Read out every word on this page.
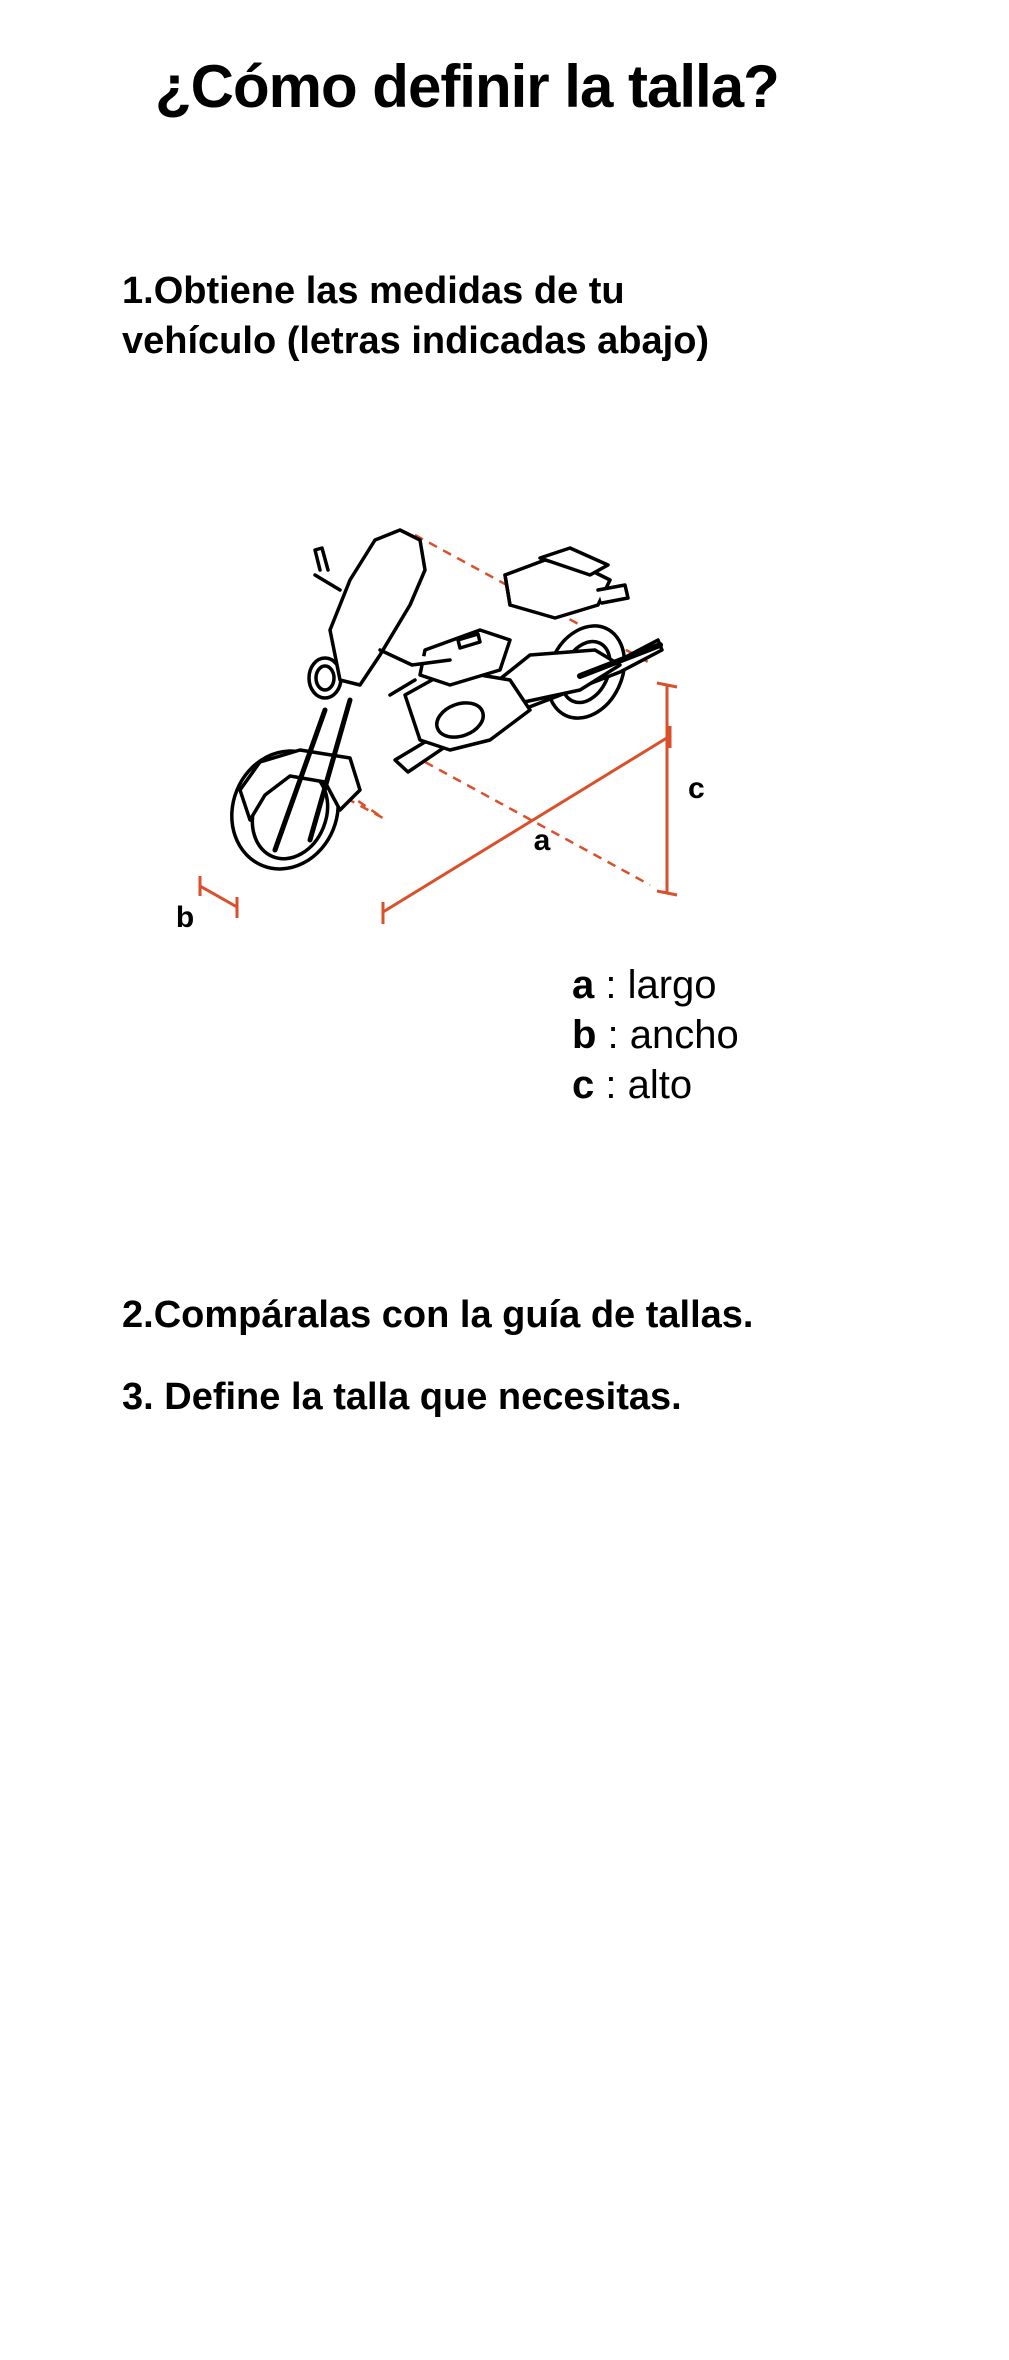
¿Cómo definir la talla?

1.Obtiene las medidas de tu vehículo (letras indicadas abajo)

a
b
c
a : largo
b : ancho
c : alto

2.Compáralas con la guía de tallas.

3. Define la talla que necesitas.
